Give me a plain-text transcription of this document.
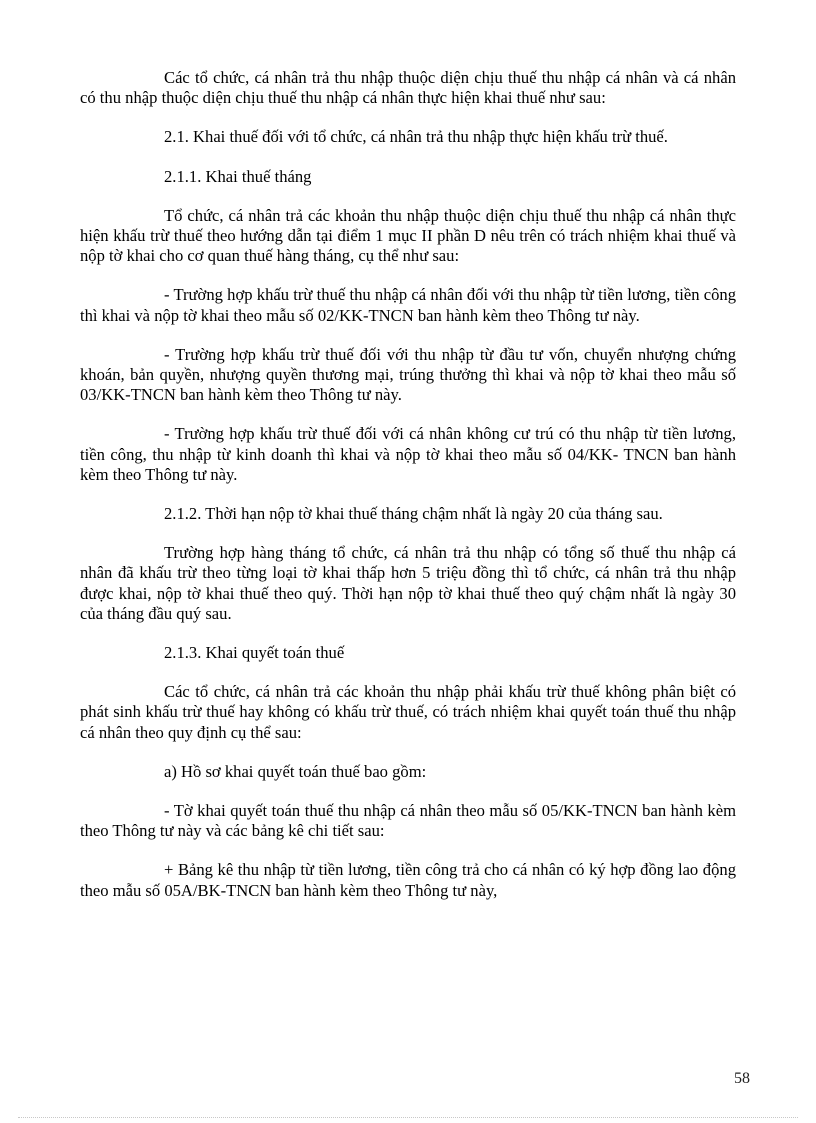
Các tổ chức, cá nhân trả thu nhập thuộc diện chịu thuế thu nhập cá nhân và cá nhân có thu nhập thuộc diện chịu thuế thu nhập cá nhân thực hiện khai thuế như sau:

2.1. Khai thuế đối với tổ chức, cá nhân trả thu nhập thực hiện khấu trừ thuế.

2.1.1. Khai thuế tháng

Tổ chức, cá nhân trả các khoản thu nhập thuộc diện chịu thuế thu nhập cá nhân thực hiện khấu trừ thuế theo hướng dẫn tại điểm 1 mục II phần D nêu trên có trách nhiệm khai thuế và nộp tờ khai cho cơ quan thuế hàng tháng, cụ thể như sau:

- Trường hợp khấu trừ thuế thu nhập cá nhân đối với thu nhập từ tiền lương, tiền công thì khai và nộp tờ khai theo mẫu số 02/KK-TNCN ban hành kèm theo Thông tư này.

- Trường hợp khấu trừ thuế đối với thu nhập từ đầu tư vốn, chuyển nhượng chứng khoán, bản quyền, nhượng quyền thương mại, trúng thưởng thì khai và nộp tờ khai theo mẫu số 03/KK-TNCN ban hành kèm theo Thông tư này.

- Trường hợp khấu trừ thuế đối với cá nhân không cư trú có thu nhập từ tiền lương, tiền công, thu nhập từ kinh doanh thì khai và nộp tờ khai theo mẫu số 04/KK- TNCN ban hành kèm theo Thông tư này.

2.1.2. Thời hạn nộp tờ khai thuế tháng chậm nhất là ngày 20 của tháng sau.

Trường hợp hàng tháng tổ chức, cá nhân trả thu nhập có tổng số thuế thu nhập cá nhân đã khấu trừ theo từng loại tờ khai thấp hơn 5 triệu đồng thì tổ chức, cá nhân trả thu nhập được khai, nộp tờ khai thuế theo quý. Thời hạn nộp tờ khai thuế theo quý chậm nhất là ngày 30 của tháng đầu quý sau.

2.1.3. Khai quyết toán thuế

Các tổ chức, cá nhân trả các khoản thu nhập phải khấu trừ thuế không phân biệt có phát sinh khấu trừ thuế hay không có khấu trừ thuế, có trách nhiệm khai quyết toán thuế thu nhập cá nhân theo quy định cụ thể sau:

a) Hồ sơ khai quyết toán thuế bao gồm:

- Tờ khai quyết toán thuế thu nhập cá nhân theo mẫu số 05/KK-TNCN ban hành kèm theo Thông tư này và các bảng kê chi tiết sau:

+ Bảng kê thu nhập từ tiền lương, tiền công trả cho cá nhân có ký hợp đồng lao động theo mẫu số 05A/BK-TNCN ban hành kèm theo Thông tư này,

58
